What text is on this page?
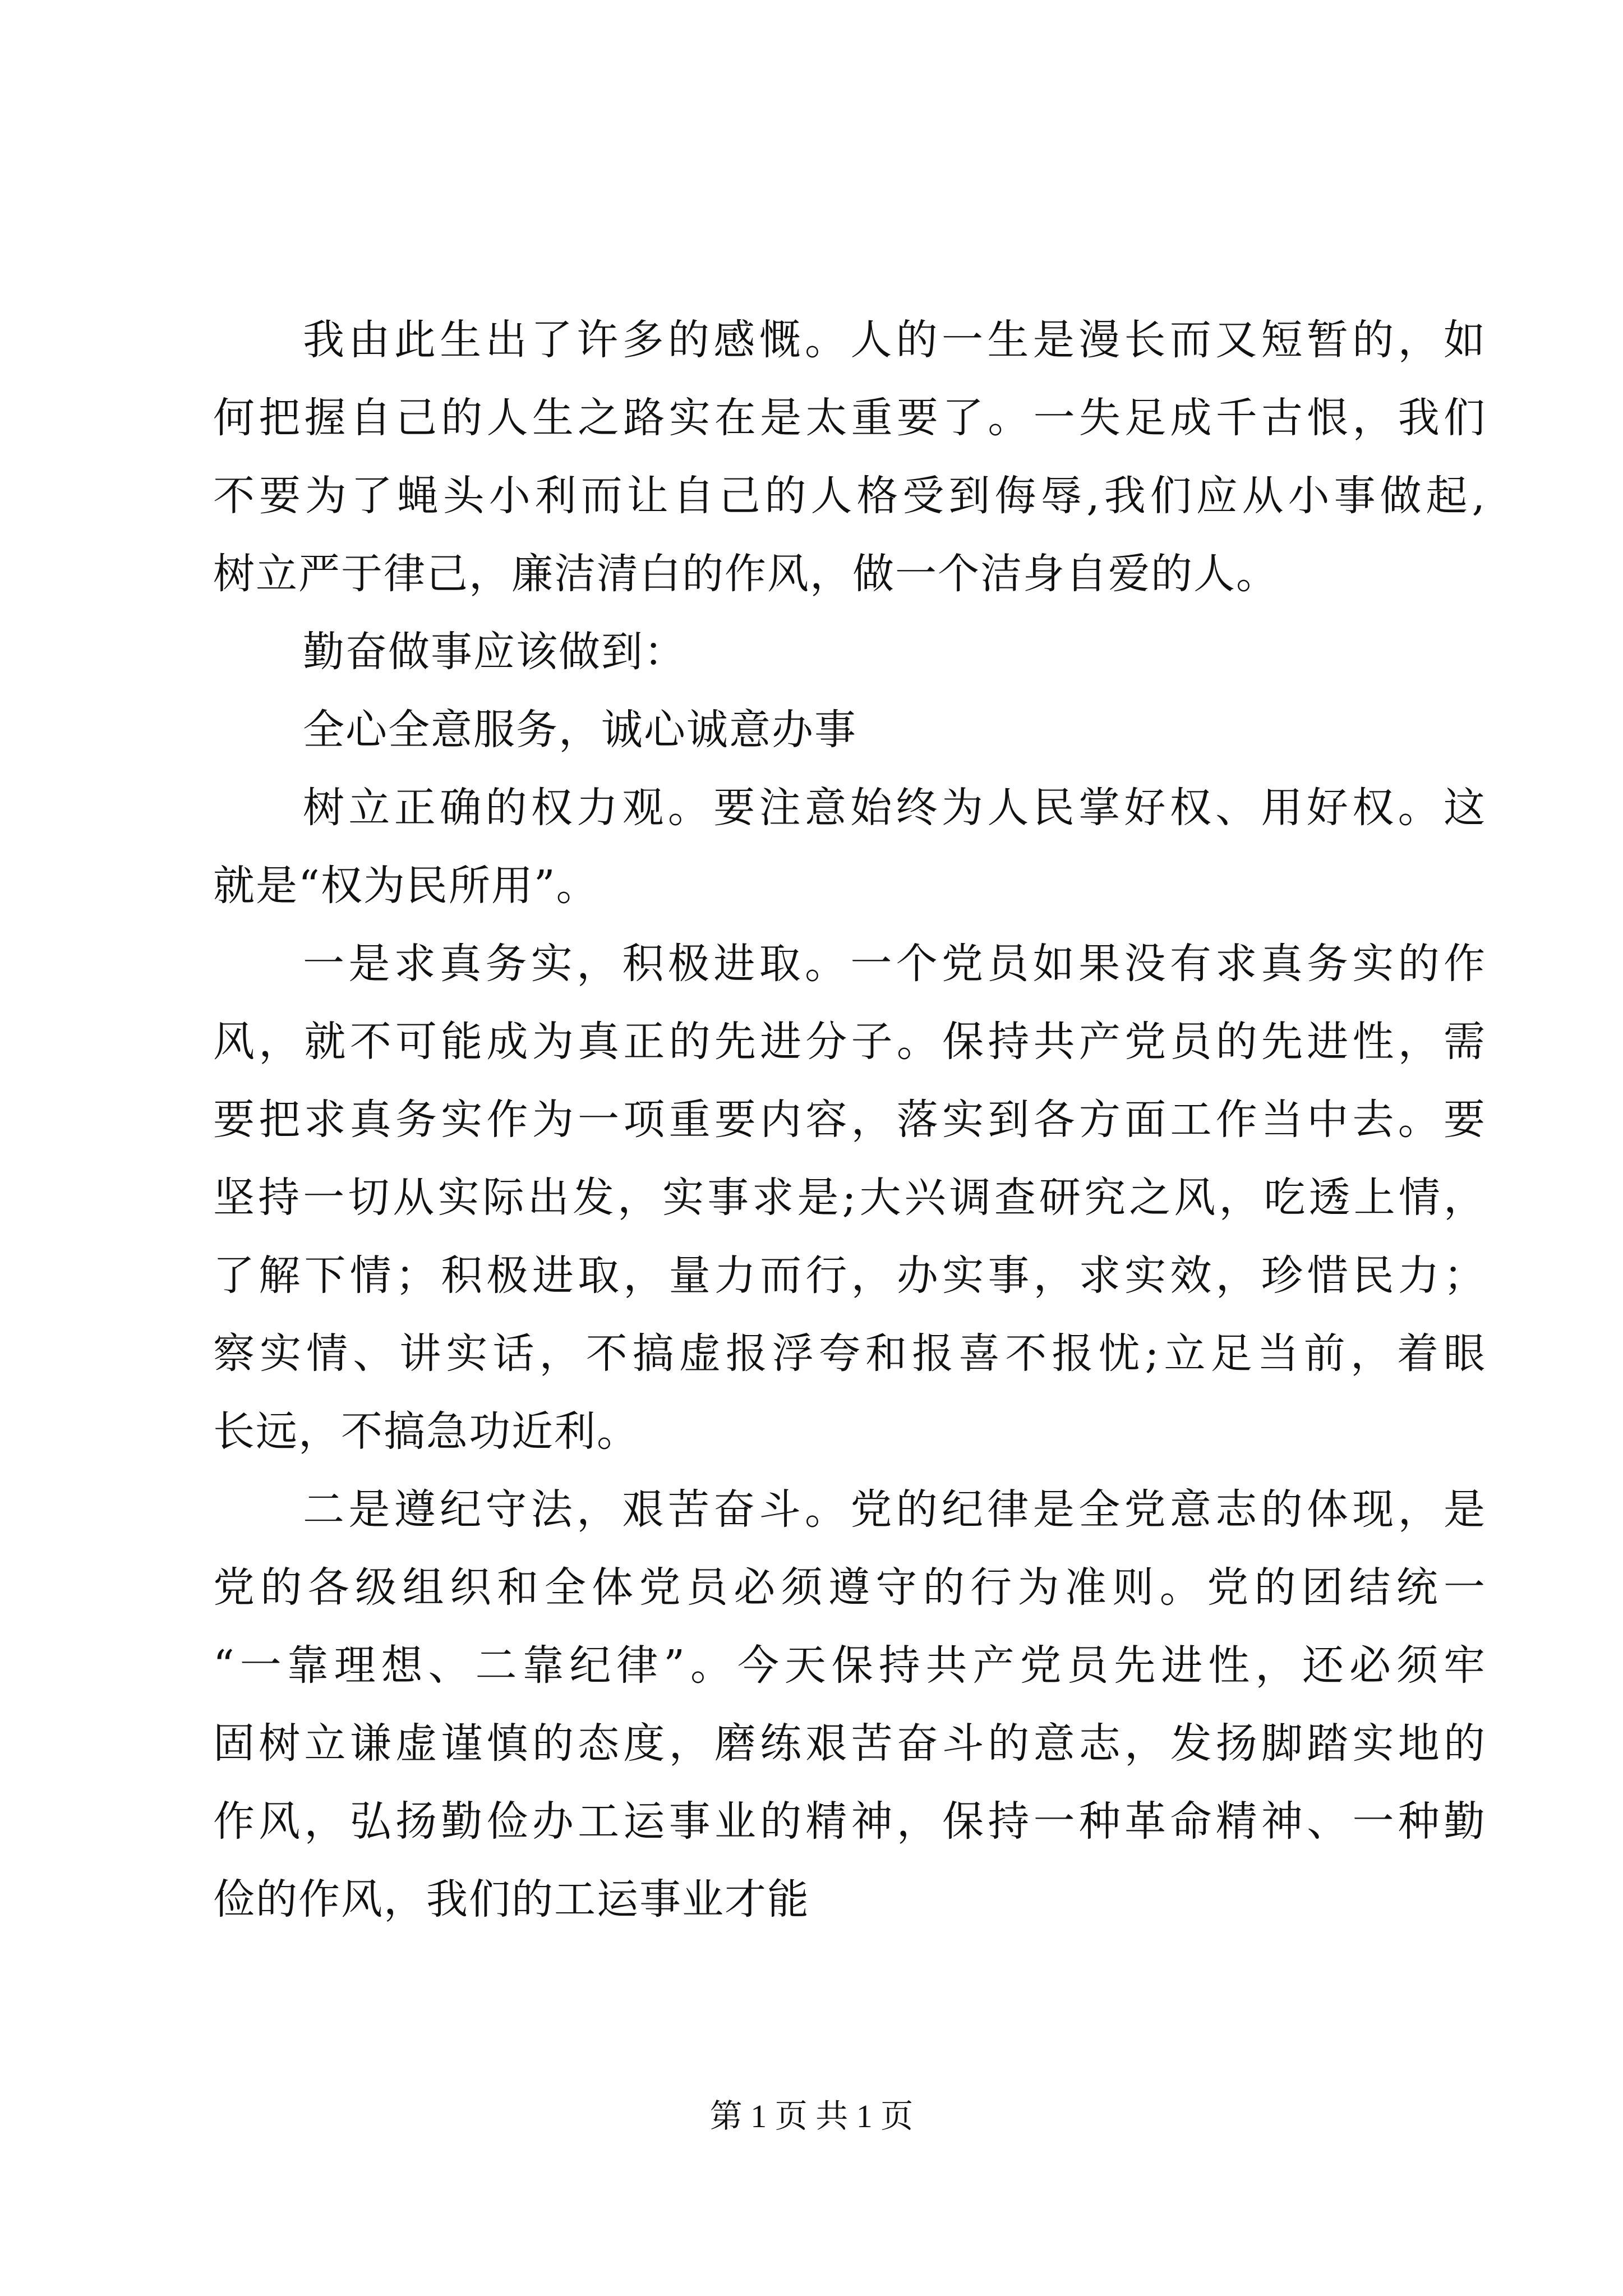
我由此生出了许多的感慨。人的一生是漫长而又短暂的，如
何把握自己的人生之路实在是太重要了。一失足成千古恨，我们
不要为了蝇头小利而让自己的人格受到侮辱,我们应从小事做起,
树立严于律己，廉洁清白的作风，做一个洁身自爱的人。
勤奋做事应该做到：
全心全意服务，诚心诚意办事
树立正确的权力观。要注意始终为人民掌好权、用好权。这
就是“权为民所用”。
一是求真务实，积极进取。一个党员如果没有求真务实的作
风，就不可能成为真正的先进分子。保持共产党员的先进性，需
要把求真务实作为一项重要内容，落实到各方面工作当中去。要
坚持一切从实际出发，实事求是;大兴调查研究之风，吃透上情，
了解下情；积极进取，量力而行，办实事，求实效，珍惜民力；
察实情、讲实话，不搞虚报浮夸和报喜不报忧;立足当前，着眼
长远，不搞急功近利。
二是遵纪守法，艰苦奋斗。党的纪律是全党意志的体现，是
党的各级组织和全体党员必须遵守的行为准则。党的团结统一
“一靠理想、二靠纪律”。今天保持共产党员先进性，还必须牢
固树立谦虚谨慎的态度，磨练艰苦奋斗的意志，发扬脚踏实地的
作风，弘扬勤俭办工运事业的精神，保持一种革命精神、一种勤
俭的作风，我们的工运事业才能
第 1 页 共 1 页
